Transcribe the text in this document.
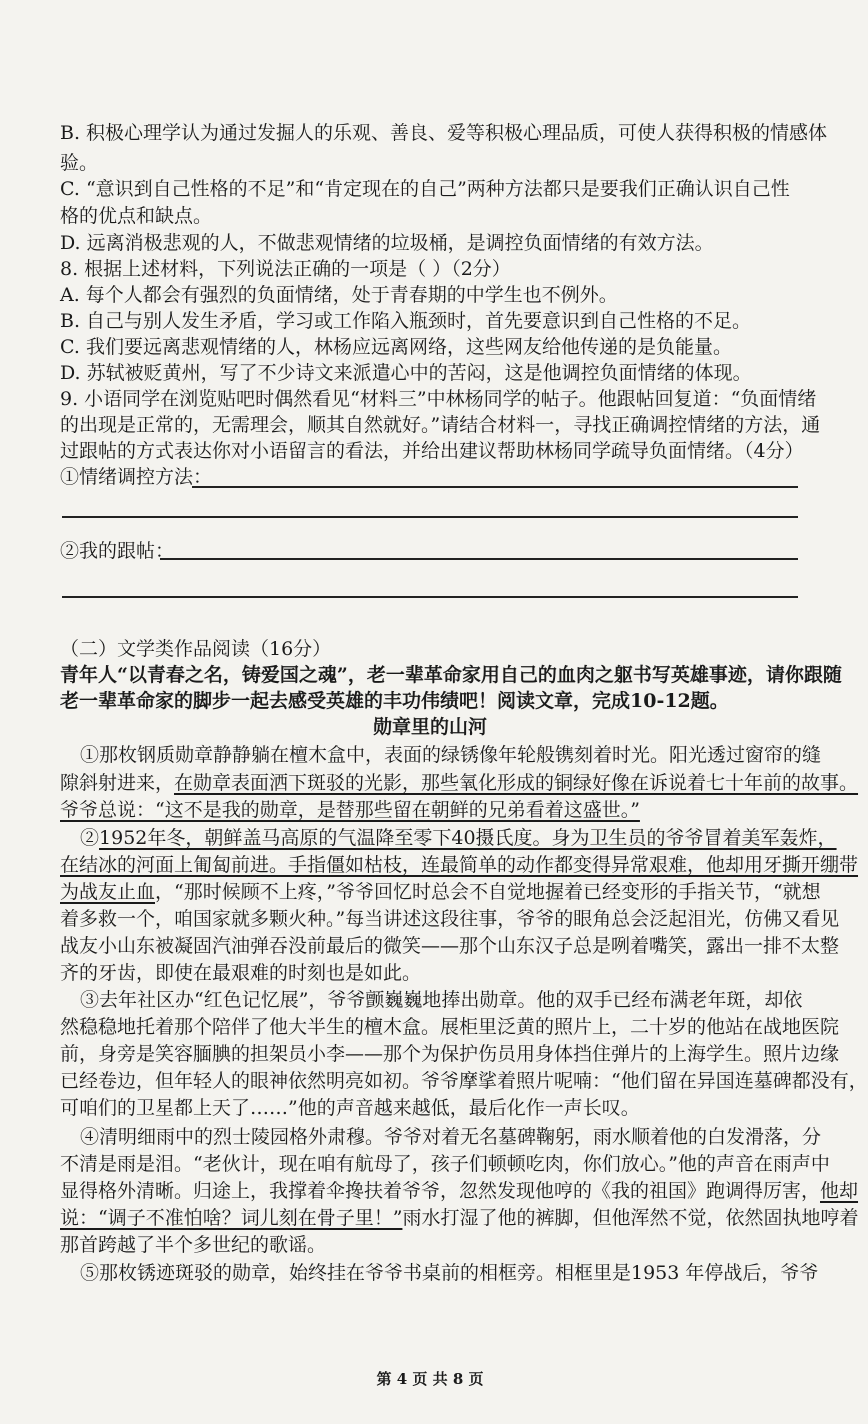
B. 积极心理学认为通过发掘人的乐观、善良、爱等积极心理品质，可使人获得积极的情感体
验。
C. “意识到自己性格的不足”和“肯定现在的自己”两种方法都只是要我们正确认识自己性
格的优点和缺点。
D. 远离消极悲观的人，不做悲观情绪的垃圾桶，是调控负面情绪的有效方法。
8. 根据上述材料，下列说法正确的一项是（ ）（2分）
A. 每个人都会有强烈的负面情绪，处于青春期的中学生也不例外。
B. 自己与别人发生矛盾，学习或工作陷入瓶颈时，首先要意识到自己性格的不足。
C. 我们要远离悲观情绪的人，林杨应远离网络，这些网友给他传递的是负能量。
D. 苏轼被贬黄州，写了不少诗文来派遣心中的苦闷，这是他调控负面情绪的体现。
9. 小语同学在浏览贴吧时偶然看见“材料三”中林杨同学的帖子。他跟帖回复道：“负面情绪
的出现是正常的，无需理会，顺其自然就好。”请结合材料一，寻找正确调控情绪的方法，通
过跟帖的方式表达你对小语留言的看法，并给出建议帮助林杨同学疏导负面情绪。（4分）
①情绪调控方法：
②我的跟帖：
（二）文学类作品阅读（16分）
青年人“以青春之名，铸爱国之魂”，老一辈革命家用自己的血肉之躯书写英雄事迹，请你跟随
老一辈革命家的脚步一起去感受英雄的丰功伟绩吧！阅读文章，完成10-12题。
勋章里的山河
①那枚钢质勋章静静躺在檀木盒中，表面的绿锈像年轮般镌刻着时光。阳光透过窗帘的缝
隙斜射进来，在勋章表面洒下斑驳的光影，那些氧化形成的铜绿好像在诉说着七十年前的故事。
爷爷总说：“这不是我的勋章，是替那些留在朝鲜的兄弟看着这盛世。”
②1952年冬，朝鲜盖马高原的气温降至零下40摄氏度。身为卫生员的爷爷冒着美军轰炸，
在结冰的河面上匍匐前进。手指僵如枯枝，连最简单的动作都变得异常艰难，他却用牙撕开绷带
为战友止血，“那时候顾不上疼，”爷爷回忆时总会不自觉地握着已经变形的手指关节，“就想
着多救一个，咱国家就多颗火种。”每当讲述这段往事，爷爷的眼角总会泛起泪光，仿佛又看见
战友小山东被凝固汽油弹吞没前最后的微笑——那个山东汉子总是咧着嘴笑，露出一排不太整
齐的牙齿，即使在最艰难的时刻也是如此。
③去年社区办“红色记忆展”，爷爷颤巍巍地捧出勋章。他的双手已经布满老年斑，却依
然稳稳地托着那个陪伴了他大半生的檀木盒。展柜里泛黄的照片上，二十岁的他站在战地医院
前，身旁是笑容腼腆的担架员小李——那个为保护伤员用身体挡住弹片的上海学生。照片边缘
已经卷边，但年轻人的眼神依然明亮如初。爷爷摩挲着照片呢喃：“他们留在异国连墓碑都没有，
可咱们的卫星都上天了……”他的声音越来越低，最后化作一声长叹。
④清明细雨中的烈士陵园格外肃穆。爷爷对着无名墓碑鞠躬，雨水顺着他的白发滑落，分
不清是雨是泪。“老伙计，现在咱有航母了，孩子们顿顿吃肉，你们放心。”他的声音在雨声中
显得格外清晰。归途上，我撑着伞搀扶着爷爷，忽然发现他哼的《我的祖国》跑调得厉害，他却
说：“调子不准怕啥？词儿刻在骨子里！”雨水打湿了他的裤脚，但他浑然不觉，依然固执地哼着
那首跨越了半个多世纪的歌谣。
⑤那枚锈迹斑驳的勋章，始终挂在爷爷书桌前的相框旁。相框里是1953 年停战后，爷爷
第 4 页 共 8 页
